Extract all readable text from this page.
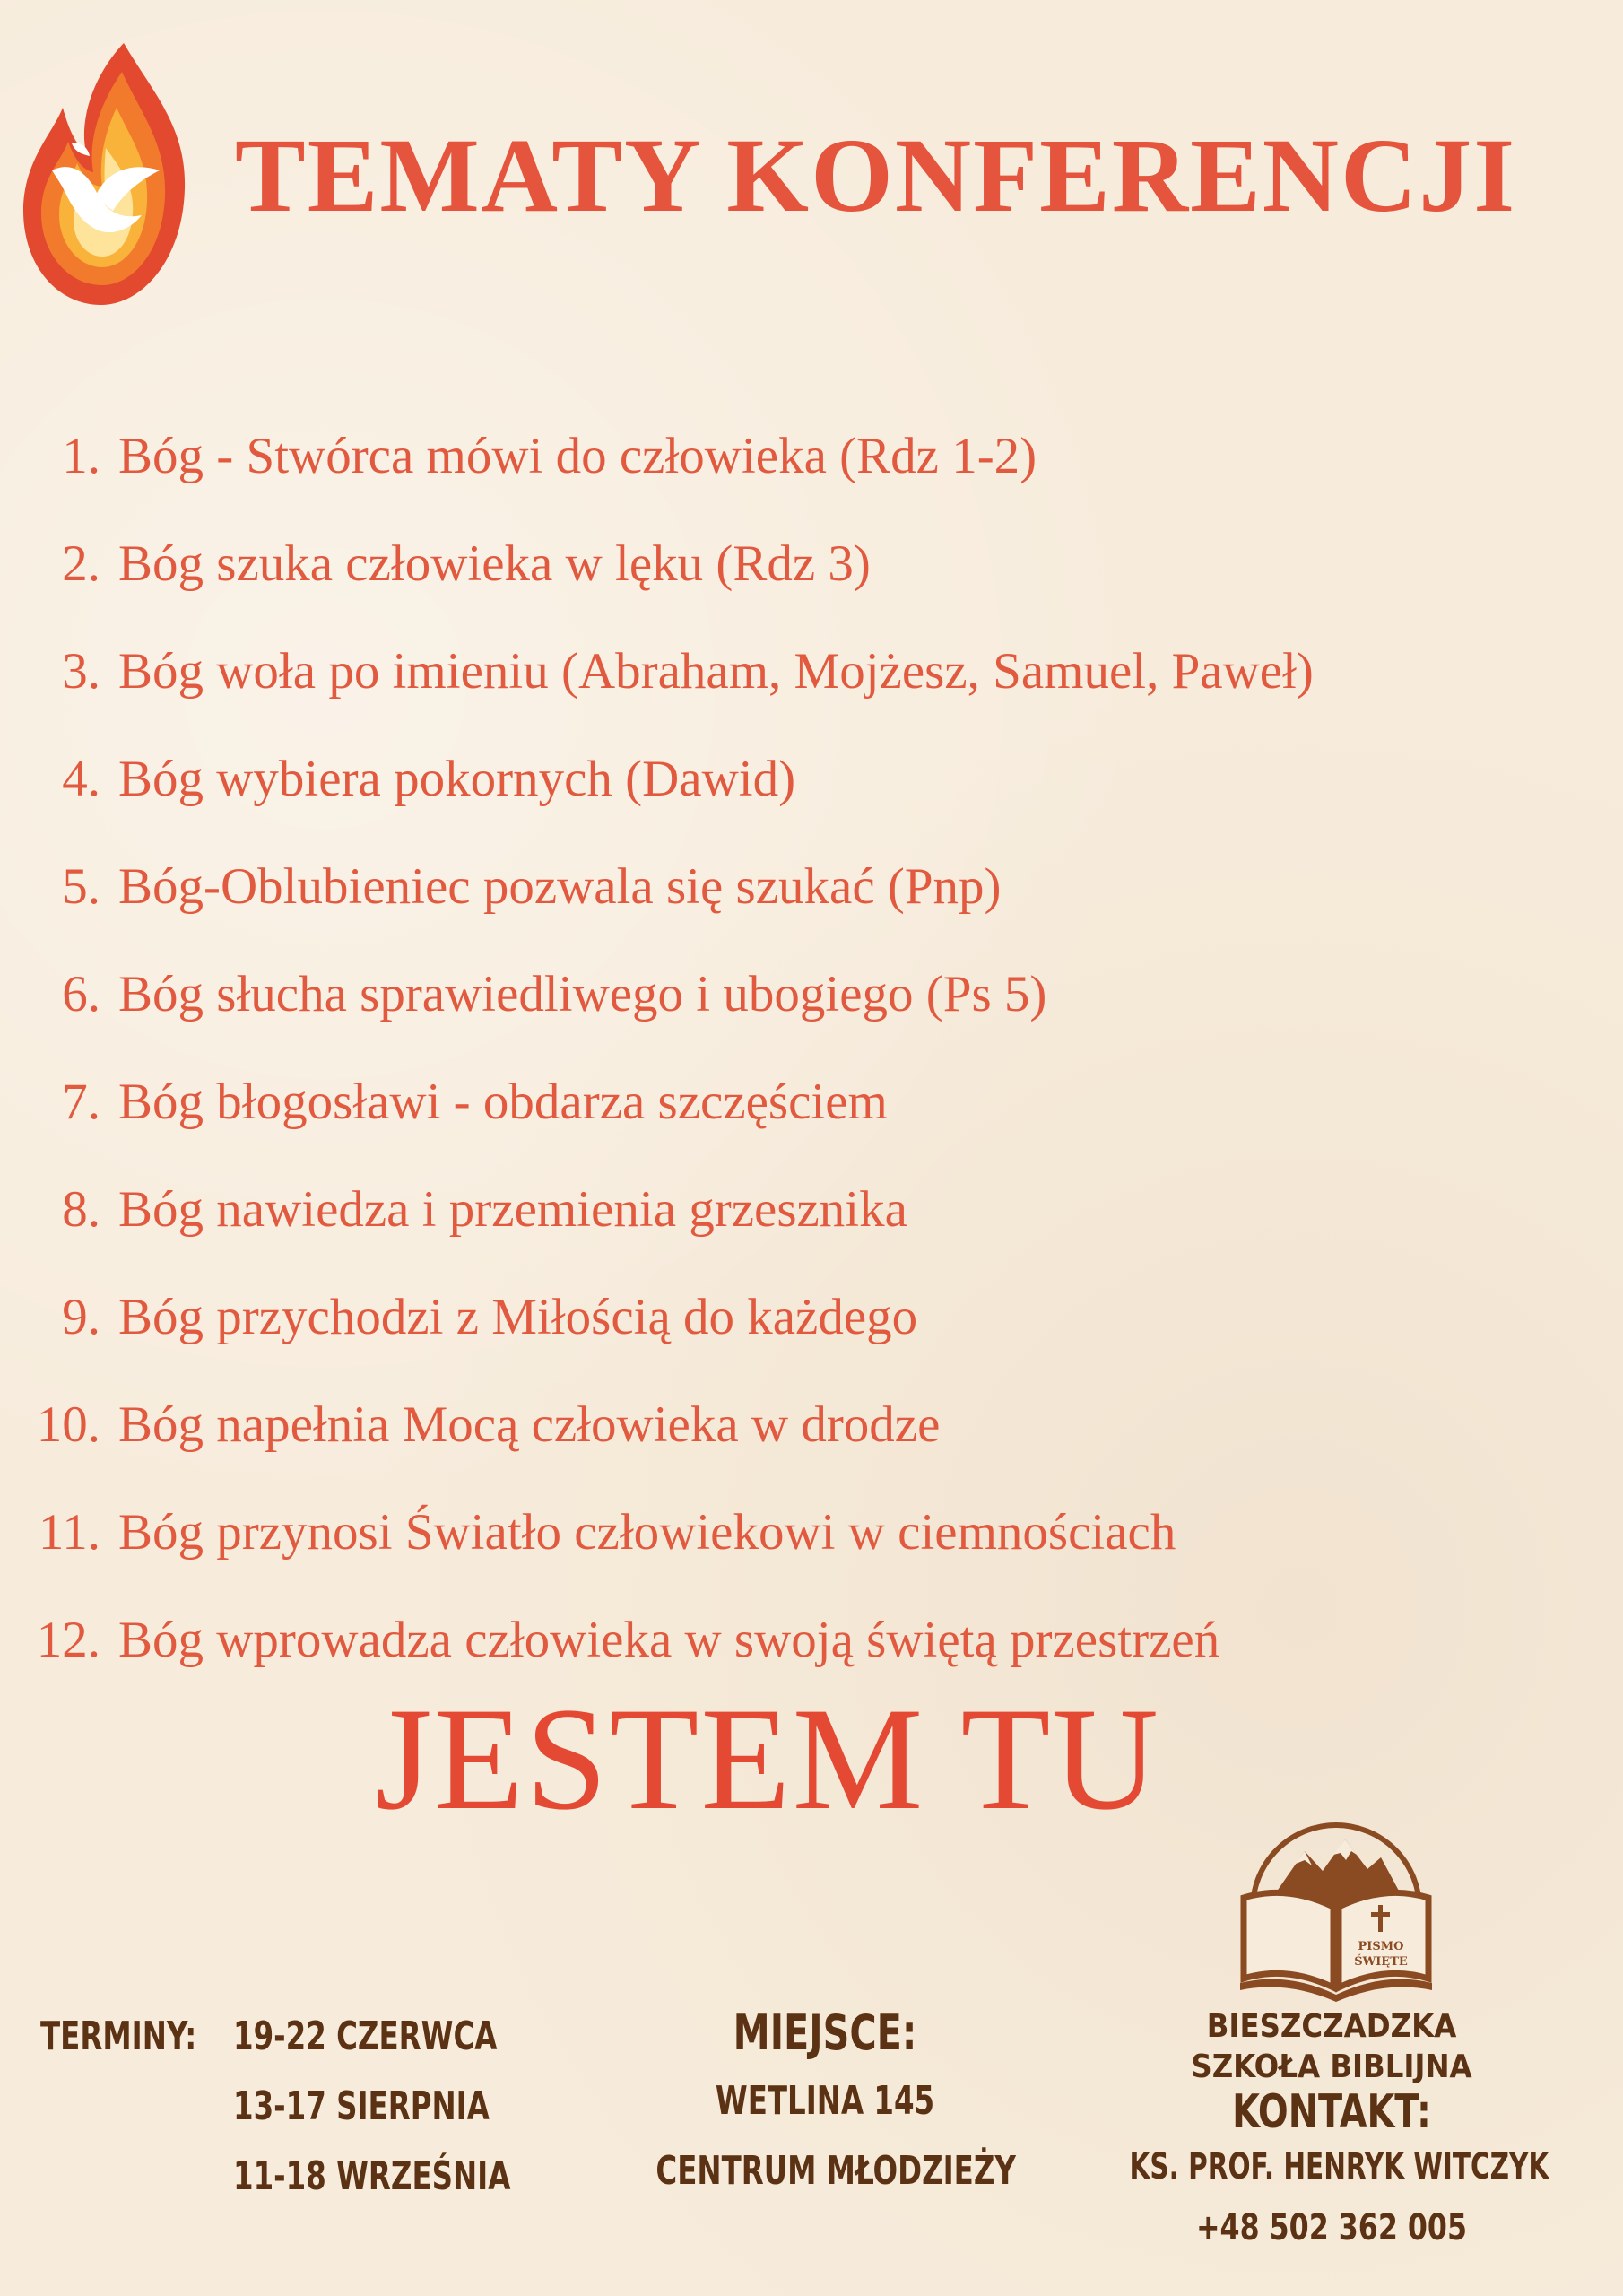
TEMATY KONFERENCJI
1. Bóg - Stwórca mówi do człowieka (Rdz 1-2)
2. Bóg szuka człowieka w lęku (Rdz 3)
3. Bóg woła po imieniu (Abraham, Mojżesz, Samuel, Paweł)
4. Bóg wybiera pokornych (Dawid)
5. Bóg-Oblubieniec pozwala się szukać (Pnp)
6. Bóg słucha sprawiedliwego i ubogiego (Ps 5)
7. Bóg błogosławi - obdarza szczęściem
8. Bóg nawiedza i przemienia grzesznika
9. Bóg przychodzi z Miłością do każdego
10. Bóg napełnia Mocą człowieka w drodze
11. Bóg przynosi Światło człowiekowi w ciemnościach
12. Bóg wprowadza człowieka w swoją świętą przestrzeń
JESTEM TU
PISMO
ŚWIĘTE
TERMINY: 19-22 CZERWCA
13-17 SIERPNIA
11-18 WRZEŚNIA
MIEJSCE:
WETLINA 145
CENTRUM MŁODZIEŻY
BIESZCZADZKA
SZKOŁA BIBLIJNA
KONTAKT:
KS. PROF. HENRYK WITCZYK
+48 502 362 005
